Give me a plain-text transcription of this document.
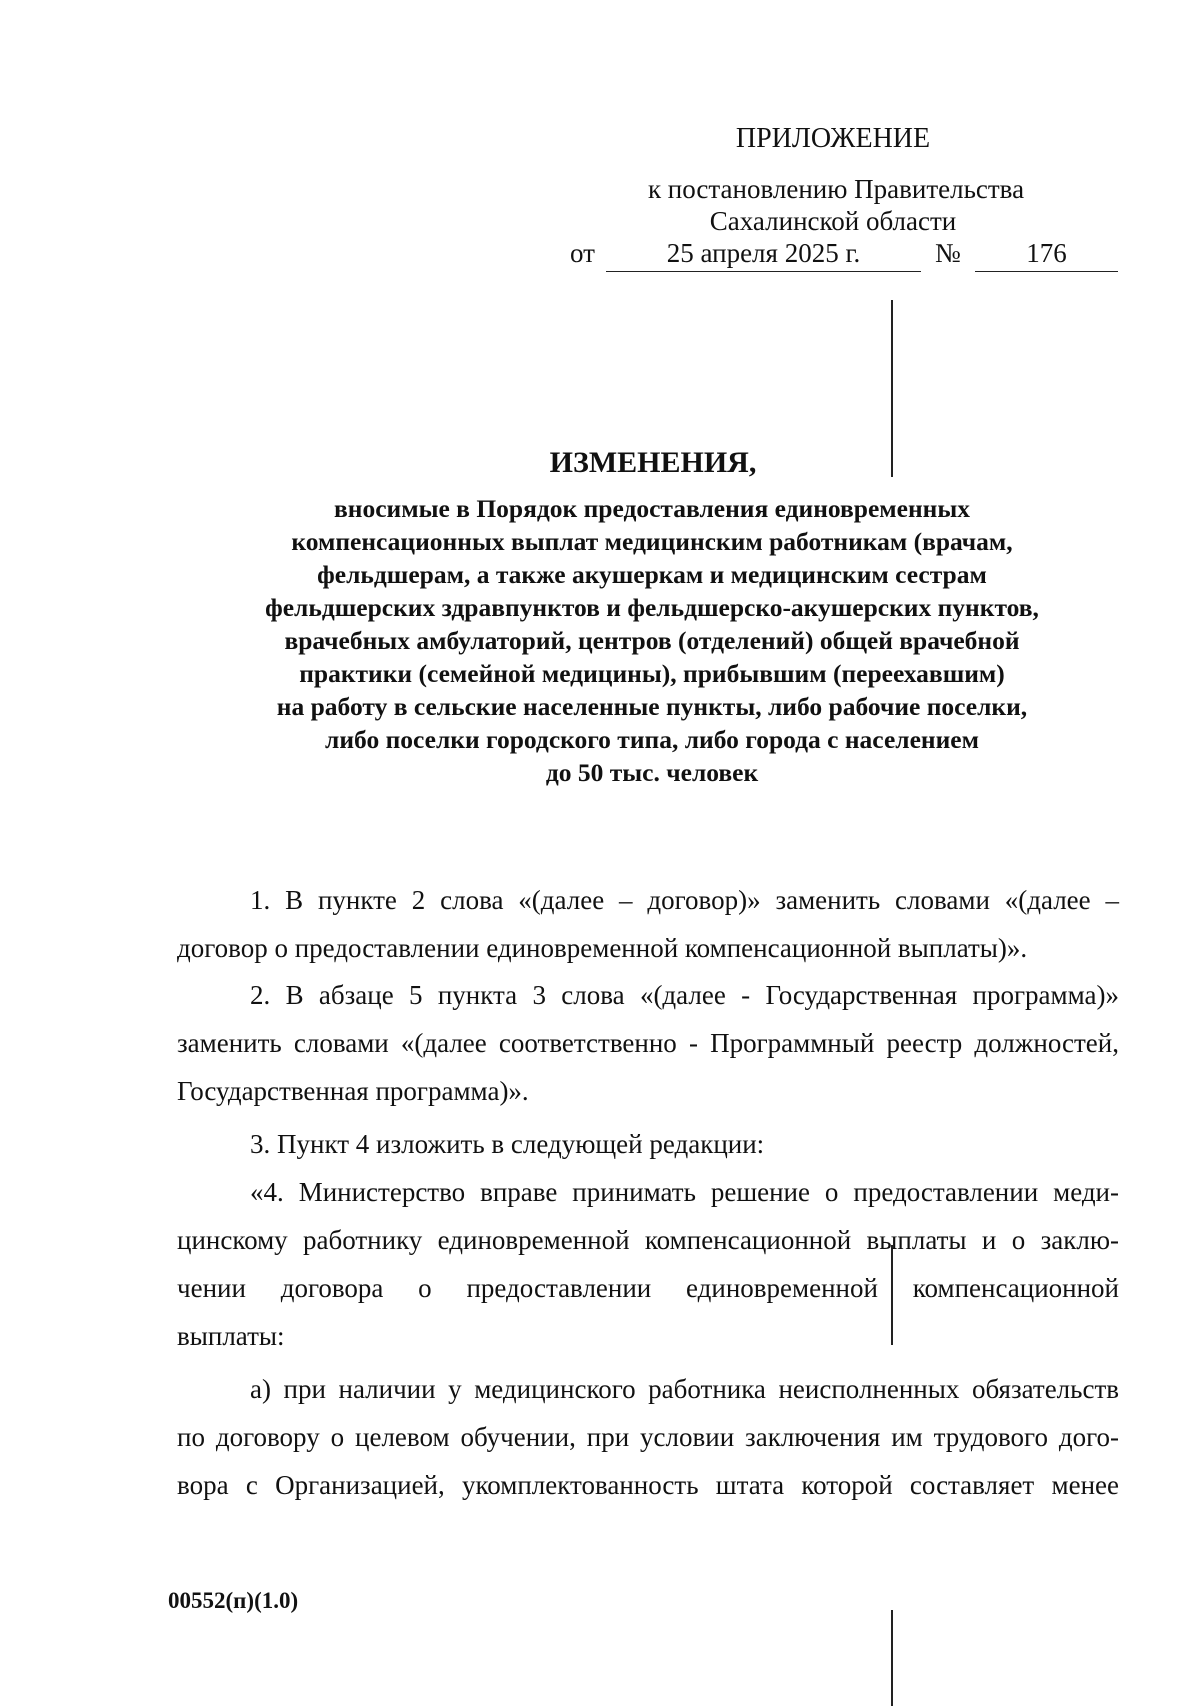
ПРИЛОЖЕНИЕ
к постановлению Правительства
Сахалинской области
от	25 апреля 2025 г.	№	176
ИЗМЕНЕНИЯ,
вносимые в Порядок предоставления единовременных
компенсационных выплат медицинским работникам (врачам,
фельдшерам, а также акушеркам и медицинским сестрам
фельдшерских здравпунктов и фельдшерско-акушерских пунктов,
врачебных амбулаторий, центров (отделений) общей врачебной
практики (семейной медицины), прибывшим (переехавшим)
на работу в сельские населенные пункты, либо рабочие поселки,
либо поселки городского типа, либо города с населением
до 50 тыс. человек

1. В пункте 2 слова «(далее – договор)» заменить словами «(далее –

договор о предоставлении единовременной компенсационной выплаты)».

2. В абзаце 5 пункта 3 слова «(далее - Государственная программа)»

заменить словами «(далее соответственно - Программный реестр должностей,

Государственная программа)».

3. Пункт 4 изложить в следующей редакции:

«4. Министерство вправе принимать решение о предоставлении меди-

цинскому работнику единовременной компенсационной выплаты и о заклю-

чении договора о предоставлении единовременной компенсационной

выплаты:

а) при наличии у медицинского работника неисполненных обязательств

по договору о целевом обучении, при условии заключения им трудового дого-

вора с Организацией, укомплектованность штата которой составляет менее

00552(п)(1.0)
